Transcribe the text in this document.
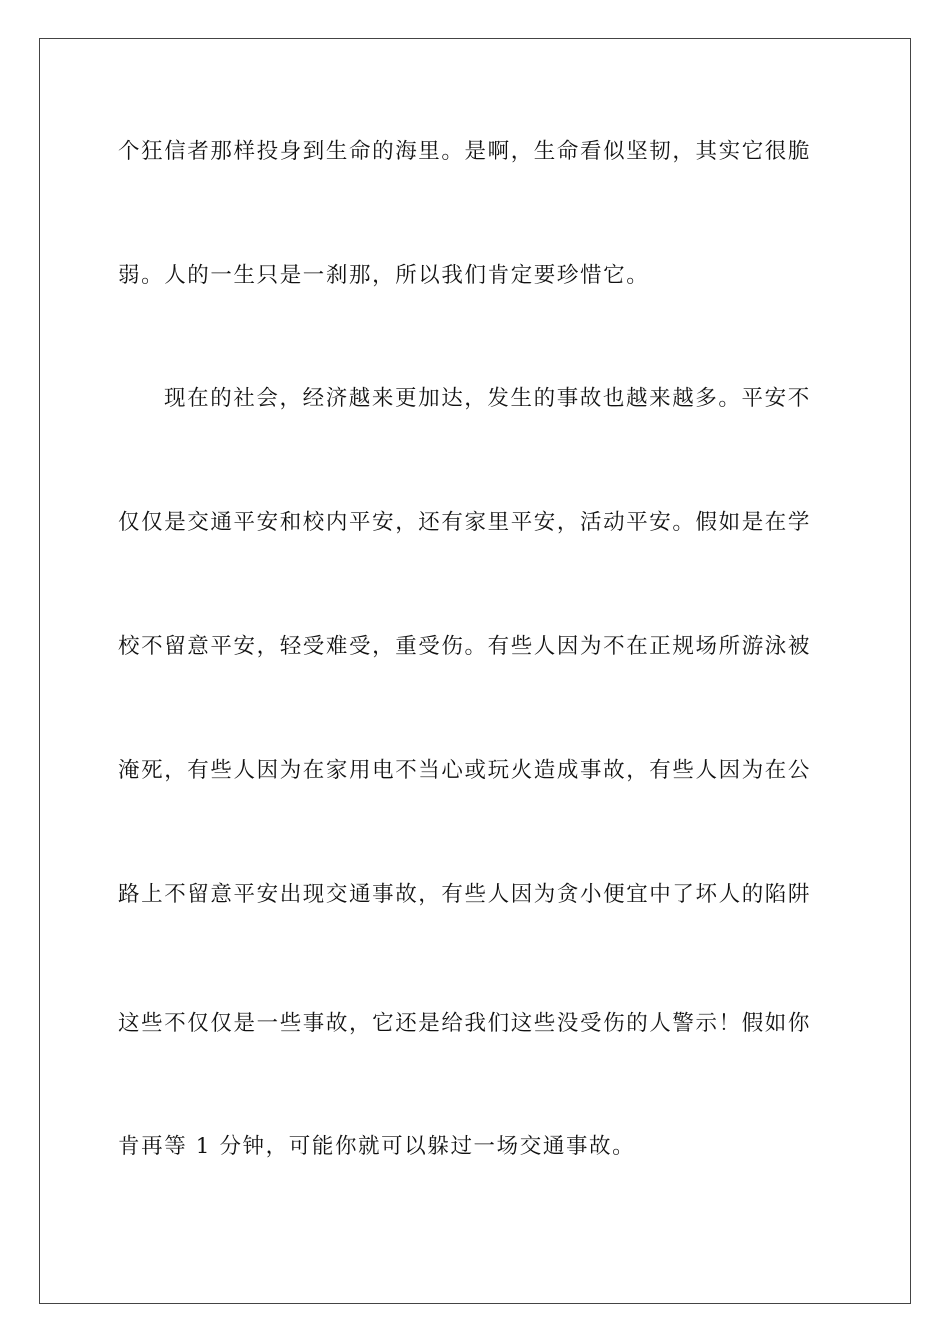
个狂信者那样投身到生命的海里。是啊，生命看似坚韧，其实它很脆
弱。人的一生只是一刹那，所以我们肯定要珍惜它。
现在的社会，经济越来更加达，发生的事故也越来越多。平安不
仅仅是交通平安和校内平安，还有家里平安，活动平安。假如是在学
校不留意平安，轻受难受，重受伤。有些人因为不在正规场所游泳被
淹死，有些人因为在家用电不当心或玩火造成事故，有些人因为在公
路上不留意平安出现交通事故，有些人因为贪小便宜中了坏人的陷阱
这些不仅仅是一些事故，它还是给我们这些没受伤的人警示！假如你
肯再等 1 分钟，可能你就可以躲过一场交通事故。
